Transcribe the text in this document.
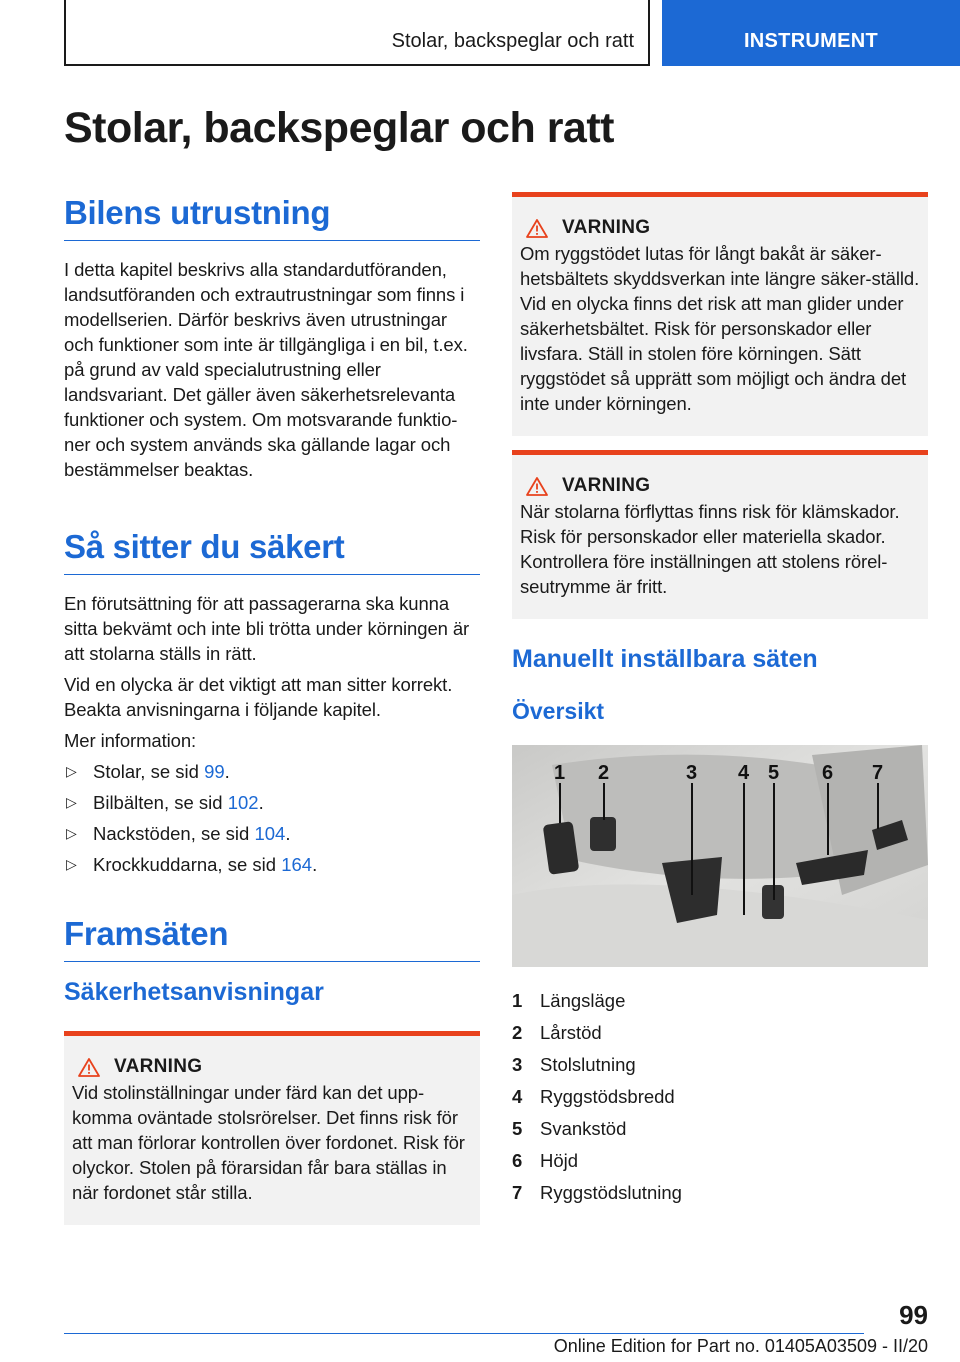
Stolar, backspeglar och ratt	INSTRUMENT
Stolar, backspeglar och ratt
Bilens utrustning

I detta kapitel beskrivs alla standardutföranden, landsutföranden och extrautrustningar som finns i modellserien. Därför beskrivs även utrustningar och funktioner som inte är tillgängliga i en bil, t.ex. på grund av vald specialutrustning eller landsvariant. Det gäller även säkerhetsrelevanta funktioner och system. Om motsvarande funktio-ner och system används ska gällande lagar och bestämmelser beaktas.

Så sitter du säkert

En förutsättning för att passagerarna ska kunna sitta bekvämt och inte bli trötta under körningen är att stolarna ställs in rätt.

Vid en olycka är det viktigt att man sitter korrekt. Beakta anvisningarna i följande kapitel.

Mer information:

▷ Stolar, se sid 99.
▷ Bilbälten, se sid 102.
▷ Nackstöden, se sid 104.
▷ Krockkuddarna, se sid 164.
Framsäten
Säkerhetsanvisningar
VARNING

Vid stolinställningar under färd kan det upp-komma oväntade stolsrörelser. Det finns risk för att man förlorar kontrollen över fordonet. Risk för olyckor. Stolen på förarsidan får bara ställas in när fordonet står stilla.

VARNING

Om ryggstödet lutas för långt bakåt är säker-hetsbältets skyddsverkan inte längre säker-ställd. Vid en olycka finns det risk att man glider under säkerhetsbältet. Risk för personskador eller livsfara. Ställ in stolen före körningen. Sätt ryggstödet så upprätt som möjligt och ändra det inte under körningen.

VARNING

När stolarna förflyttas finns risk för klämskador. Risk för personskador eller materiella skador. Kontrollera före inställningen att stolens rörel-seutrymme är fritt.

Manuellt inställbara säten
Översikt
1 2	3 4 5 6 7
1 Längsläge
2 Lårstöd
3 Stolslutning
4 Ryggstödsbredd
5 Svankstöd
6 Höjd
7 Ryggstödslutning
99
Online Edition for Part no. 01405A03509 - II/20
